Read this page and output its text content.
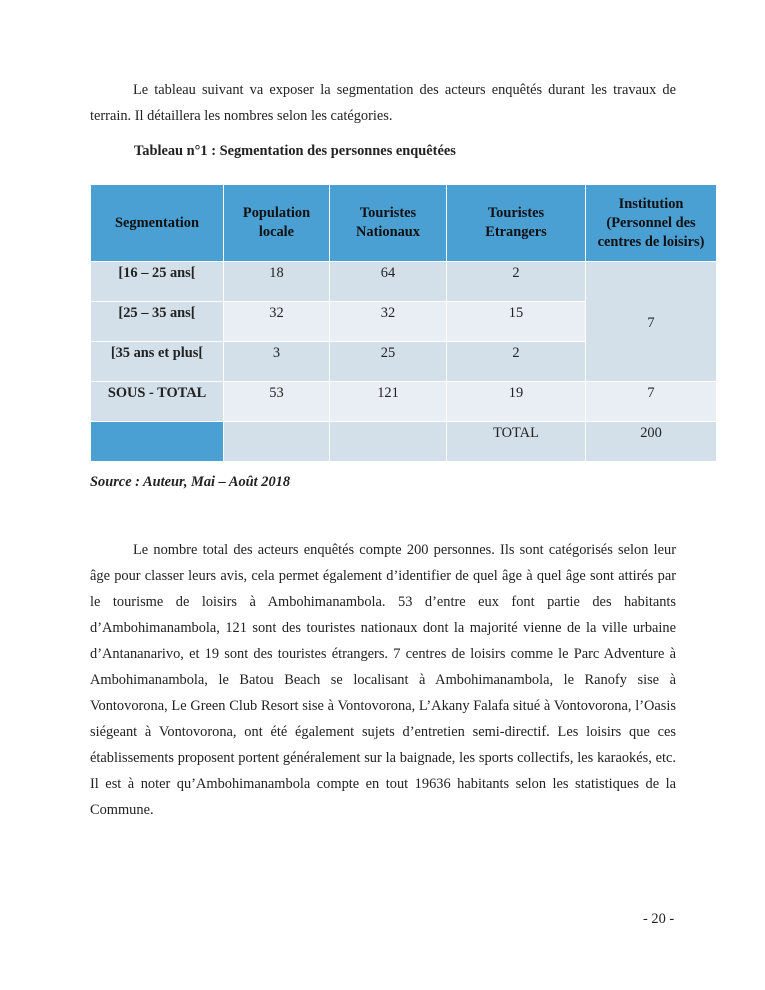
Le tableau suivant va exposer la segmentation des acteurs enquêtés durant les travaux de terrain. Il détaillera les nombres selon les catégories.

Tableau n°1 : Segmentation des personnes enquêtées
Segmentation	Population locale	Touristes Nationaux	Touristes Etrangers	Institution (Personnel des centres de loisirs)
[16 – 25 ans[	18	64	2	7
[25 – 35 ans[	32	32	15	
[35 ans et plus[	3	25	2	
SOUS - TOTAL	53	121	19	7
			TOTAL	200
Source : Auteur, Mai – Août 2018

Le nombre total des acteurs enquêtés compte 200 personnes. Ils sont catégorisés selon leur âge pour classer leurs avis, cela permet également d’identifier de quel âge à quel âge sont attirés par le tourisme de loisirs à Ambohimanambola. 53 d’entre eux font partie des habitants d’Ambohimanambola, 121 sont des touristes nationaux dont la majorité vienne de la ville urbaine d’Antananarivo, et 19 sont des touristes étrangers. 7 centres de loisirs comme le Parc Adventure à Ambohimanambola, le Batou Beach se localisant à Ambohimanambola, le Ranofy sise à Vontovorona, Le Green Club Resort sise à Vontovorona, L’Akany Falafa situé à Vontovorona, l’Oasis siégeant à Vontovorona, ont été également sujets d’entretien semi-directif. Les loisirs que ces établissements proposent portent généralement sur la baignade, les sports collectifs, les karaokés, etc. Il est à noter qu’Ambohimanambola compte en tout 19636 habitants selon les statistiques de la Commune.

- 20 -
